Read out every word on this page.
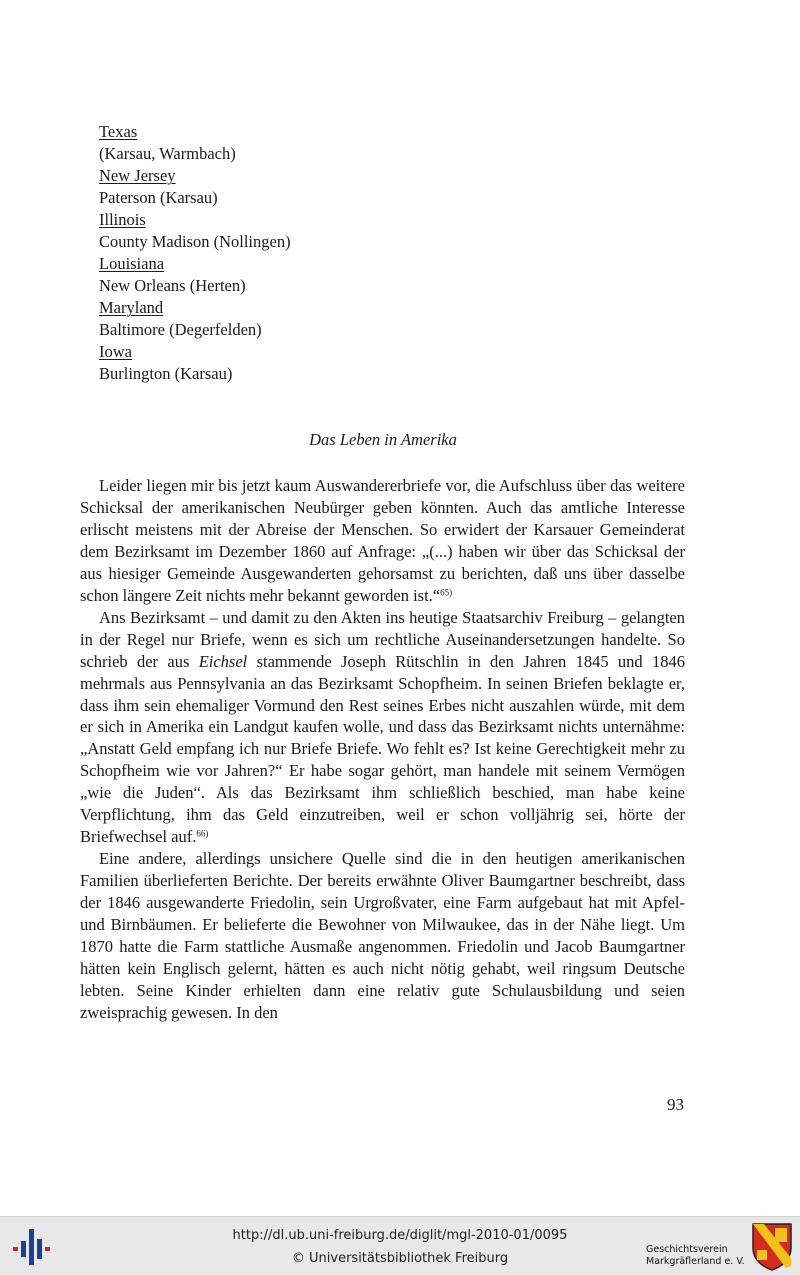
Texas
(Karsau, Warmbach)
New Jersey
Paterson (Karsau)
Illinois
County Madison (Nollingen)
Louisiana
New Orleans (Herten)
Maryland
Baltimore (Degerfelden)
Iowa
Burlington (Karsau)
Das Leben in Amerika

Leider liegen mir bis jetzt kaum Auswandererbriefe vor, die Aufschluss über das weitere Schicksal der amerikanischen Neubürger geben könnten. Auch das amtliche Interesse erlischt meistens mit der Abreise der Menschen. So erwidert der Karsauer Gemeinderat dem Bezirksamt im Dezember 1860 auf Anfrage: „(...) haben wir über das Schicksal der aus hiesiger Gemeinde Ausgewanderten gehorsamst zu berichten, daß uns über dasselbe schon längere Zeit nichts mehr bekannt geworden ist.“$^{65)}$

Ans Bezirksamt – und damit zu den Akten ins heutige Staatsarchiv Freiburg – gelangten in der Regel nur Briefe, wenn es sich um rechtliche Auseinandersetzungen handelte. So schrieb der aus Eichsel stammende Joseph Rütschlin in den Jahren 1845 und 1846 mehrmals aus Pennsylvania an das Bezirksamt Schopfheim. In seinen Briefen beklagte er, dass ihm sein ehemaliger Vormund den Rest seines Erbes nicht auszahlen würde, mit dem er sich in Amerika ein Landgut kaufen wolle, und dass das Bezirksamt nichts unternähme: „Anstatt Geld empfang ich nur Briefe Briefe. Wo fehlt es? Ist keine Gerechtigkeit mehr zu Schopfheim wie vor Jahren?“ Er habe sogar gehört, man handele mit seinem Vermögen „wie die Juden“. Als das Bezirksamt ihm schließlich beschied, man habe keine Verpflichtung, ihm das Geld einzutreiben, weil er schon volljährig sei, hörte der Briefwechsel auf.$^{66)}$

Eine andere, allerdings unsichere Quelle sind die in den heutigen amerikanischen Familien überlieferten Berichte. Der bereits erwähnte Oliver Baumgartner beschreibt, dass der 1846 ausgewanderte Friedolin, sein Urgroßvater, eine Farm aufgebaut hat mit Apfel- und Birnbäumen. Er belieferte die Bewohner von Milwaukee, das in der Nähe liegt. Um 1870 hatte die Farm stattliche Ausmaße angenommen. Friedolin und Jacob Baumgartner hätten kein Englisch gelernt, hätten es auch nicht nötig gehabt, weil ringsum Deutsche lebten. Seine Kinder erhielten dann eine relativ gute Schulausbildung und seien zweisprachig gewesen. In den

93
http://dl.ub.uni-freiburg.de/diglit/mgl-2010-01/0095
© Universitätsbibliothek Freiburg
Geschichtsverein
Markgräflerland e. V.
